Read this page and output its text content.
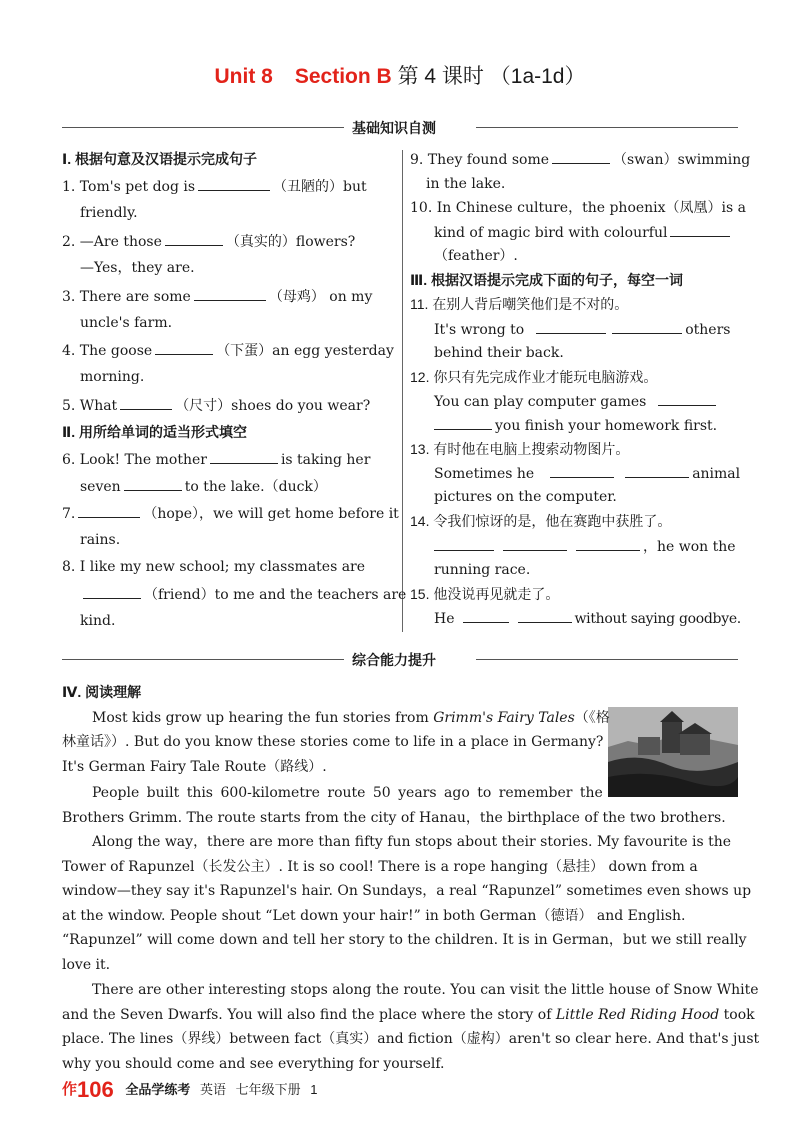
Unit 8 Section B 第 4 课时 （1a-1d）
基础知识自测
Ⅰ. 根据句意及汉语提示完成句子
1. Tom's pet dog is	（丑陋的）but
friendly.
2. —Are those	（真实的）flowers?
—Yes，they are.
3. There are some	（母鸡） on my
uncle's farm.
4. The goose	（下蛋）an egg yesterday
morning.
5. What	（尺寸）shoes do you wear?
Ⅱ. 用所给单词的适当形式填空
6. Look! The mother	is taking her
seven	to the lake.（duck）
7.	（hope），we will get home before it
rains.
8. I like my new school; my classmates are
（friend）to me and the teachers are
kind.
9. They found some	（swan）swimming
in the lake.
10. In Chinese culture，the phoenix（凤凰）is a
kind of magic bird with colourful
（feather）.
Ⅲ. 根据汉语提示完成下面的句子，每空一词
11. 在别人背后嘲笑他们是不对的。
It's wrong to	others
behind their back.
12. 你只有先完成作业才能玩电脑游戏。
You can play computer games
you finish your homework first.
13. 有时他在电脑上搜索动物图片。
Sometimes he	animal
pictures on the computer.
14. 令我们惊讶的是，他在赛跑中获胜了。
，he won the
running race.
15. 他没说再见就走了。
He	without saying goodbye.
综合能力提升
Ⅳ. 阅读理解
Most kids grow up hearing the fun stories from Grimm's Fairy Tales（《格
林童话》）. But do you know these stories come to life in a place in Germany?
It's German Fairy Tale Route（路线）.
People built this 600-kilometre route 50 years ago to remember the
Brothers Grimm. The route starts from the city of Hanau，the birthplace of the two brothers.
Along the way，there are more than fifty fun stops about their stories. My favourite is the
Tower of Rapunzel（长发公主）. It is so cool! There is a rope hanging（悬挂） down from a
window—they say it's Rapunzel's hair. On Sundays，a real “Rapunzel” sometimes even shows up
at the window. People shout “Let down your hair!” in both German（德语） and English.
“Rapunzel” will come down and tell her story to the children. It is in German，but we still really
love it.
There are other interesting stops along the route. You can visit the little house of Snow White
and the Seven Dwarfs. You will also find the place where the story of Little Red Riding Hood took
place. The lines（界线）between fact（真实）and fiction（虚构）aren't so clear here. And that's just
why you should come and see everything for yourself.
作106 全品学练考 英语 七年级下册 1
